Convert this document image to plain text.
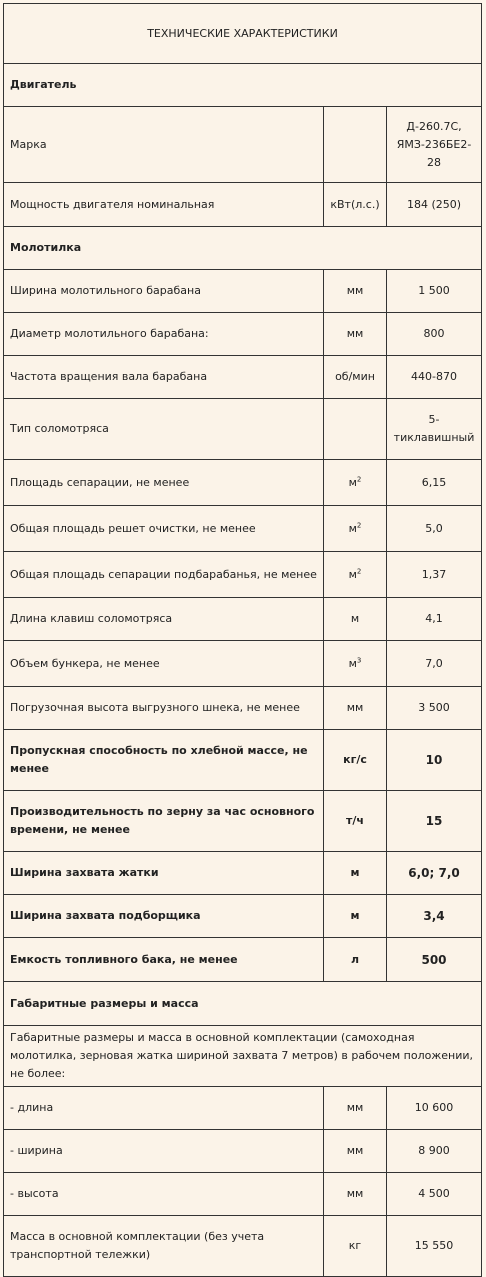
ТЕХНИЧЕСКИЕ ХАРАКТЕРИСТИКИ		
Двигатель		
Марка		Д-260.7С, ЯМЗ-236БЕ2-28
Мощность двигателя номинальная	кВт(л.с.)	184 (250)
Молотилка		
Ширина молотильного барабана	мм	1 500
Диаметр молотильного барабана:	мм	800
Частота вращения вала барабана	об/мин	440-870
Тип соломотряса		5-тиклавишный
Площадь сепарации, не менее	$м^2$	6,15
Общая площадь решет очистки, не менее	$м^2$	5,0
Общая площадь сепарации подбарабанья, не менее	$м^2$	1,37
Длина клавиш соломотряса	м	4,1
Объем бункера, не менее	$м^3$	7,0
Погрузочная высота выгрузного шнека, не менее	мм	3 500
Пропускная способность по хлебной массе, не менее	кг/с	10
Производительность по зерну за час основного времени, не менее	т/ч	15
Ширина захвата жатки	м	6,0; 7,0
Ширина захвата подборщика	м	3,4
Емкость топливного бака, не менее	л	500
Габаритные размеры и масса		
Габаритные размеры и масса в основной комплектации (самоходная молотилка, зерновая жатка шириной захвата 7 метров) в рабочем положении, не более:		
- длина	мм	10 600
- ширина	мм	8 900
- высота	мм	4 500
Масса в основной комплектации (без учета транспортной тележки)	кг	15 550
